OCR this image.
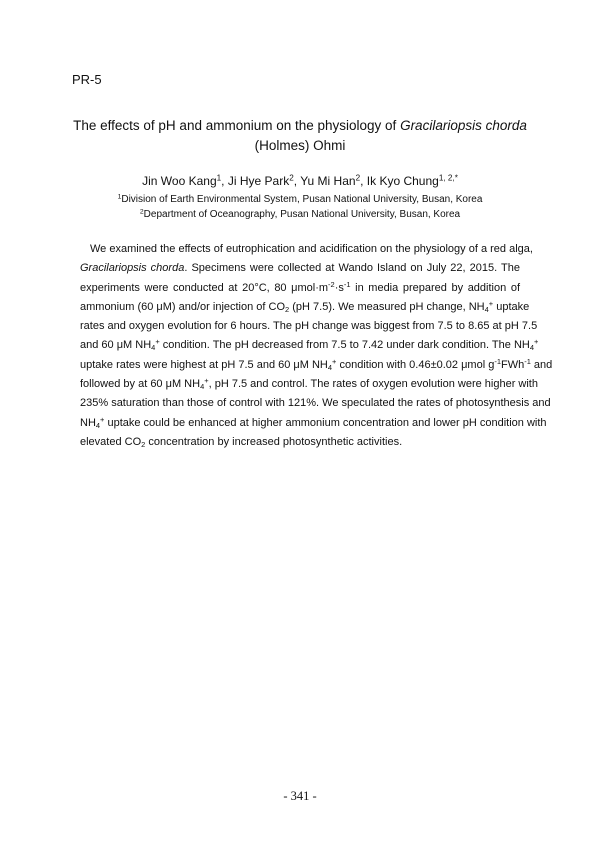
PR-5
The effects of pH and ammonium on the physiology of Gracilariopsis chorda
(Holmes) Ohmi
Jin Woo Kang$^1$, Ji Hye Park$^2$, Yu Mi Han$^2$, Ik Kyo Chung$^{1, 2,*}$
$^1$Division of Earth Environmental System, Pusan National University, Busan, Korea
$^2$Department of Oceanography, Pusan National University, Busan, Korea
We examined the effects of eutrophication and acidification on the physiology of a red alga,
Gracilariopsis chorda. Specimens were collected at Wando Island on July 22, 2015. The
experiments were conducted at 20°C, 80 $\mu mol\cdot m^{-2}\cdot s^{-1}$ in media prepared by addition of
ammonium (60 μM) and/or injection of $CO_2$ (pH 7.5). We measured pH change, $NH_4^+$ uptake
rates and oxygen evolution for 6 hours. The pH change was biggest from 7.5 to 8.65 at pH 7.5
and 60 μM $NH_4^+$ condition. The pH decreased from 7.5 to 7.42 under dark condition. The $NH_4^+$
uptake rates were highest at pH 7.5 and 60 μM $NH_4^+$ condition with 0.46±0.02 μmol $g^{-1}FWh^{-1}$ and
followed by at 60 μM $NH_4^+$, pH 7.5 and control. The rates of oxygen evolution were higher with
235% saturation than those of control with 121%. We speculated the rates of photosynthesis and
$NH_4^+$ uptake could be enhanced at higher ammonium concentration and lower pH condition with
elevated $CO_2$ concentration by increased photosynthetic activities.
- 341 -
